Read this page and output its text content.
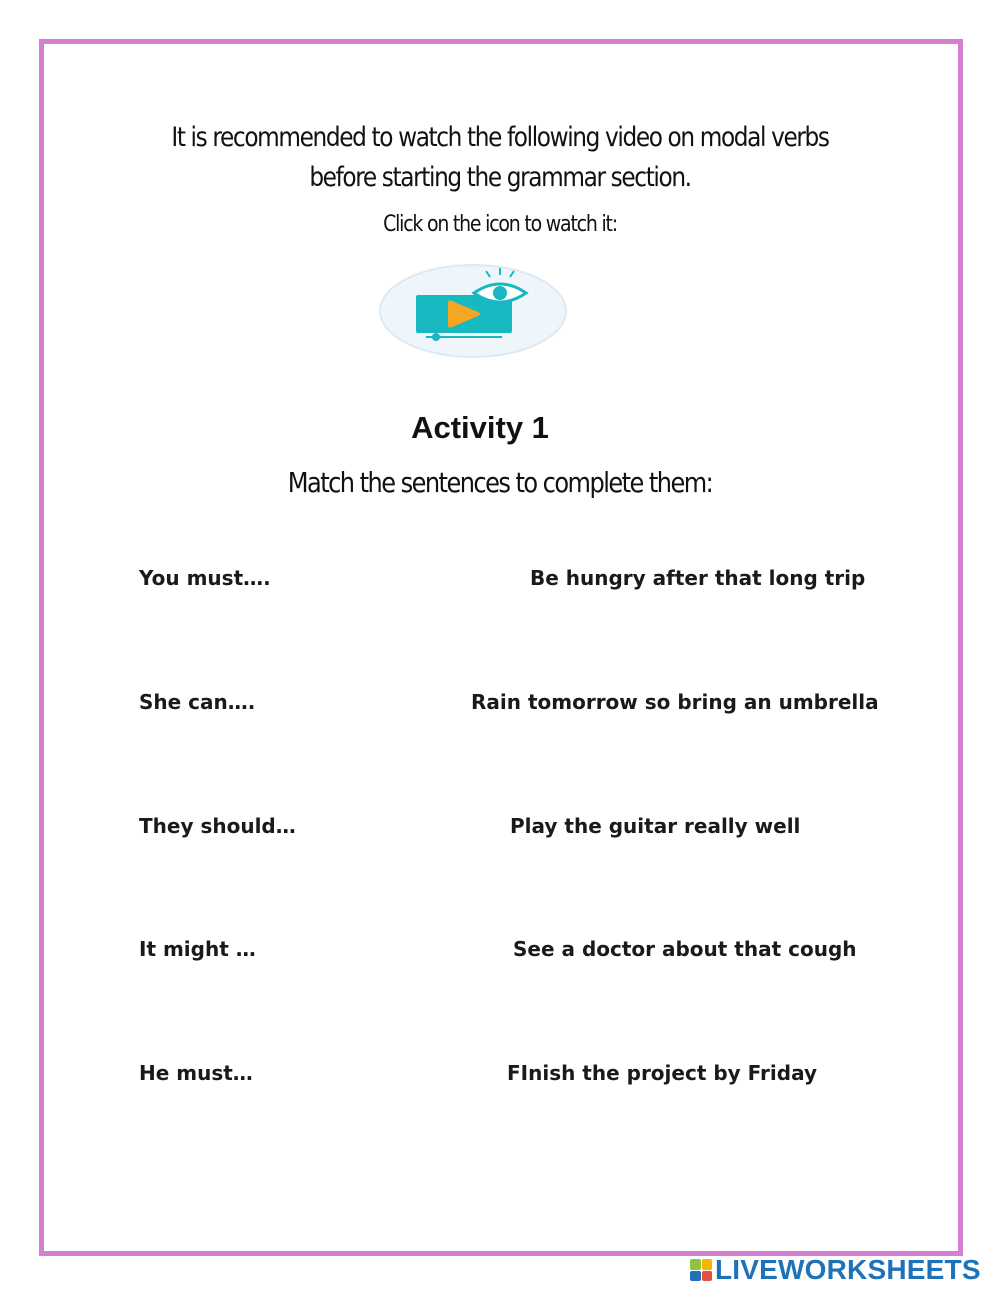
It is recommended to watch the following video on modal verbs
before starting the grammar section.
Click on the icon to watch it:
Activity 1
Match the sentences to complete them:
You must….
She can….
They should…
It might …
He must…
Be hungry after that long trip
Rain tomorrow so bring an umbrella
Play the guitar really well
See a doctor about that cough
FInish the project by Friday
LIVEWORKSHEETS
